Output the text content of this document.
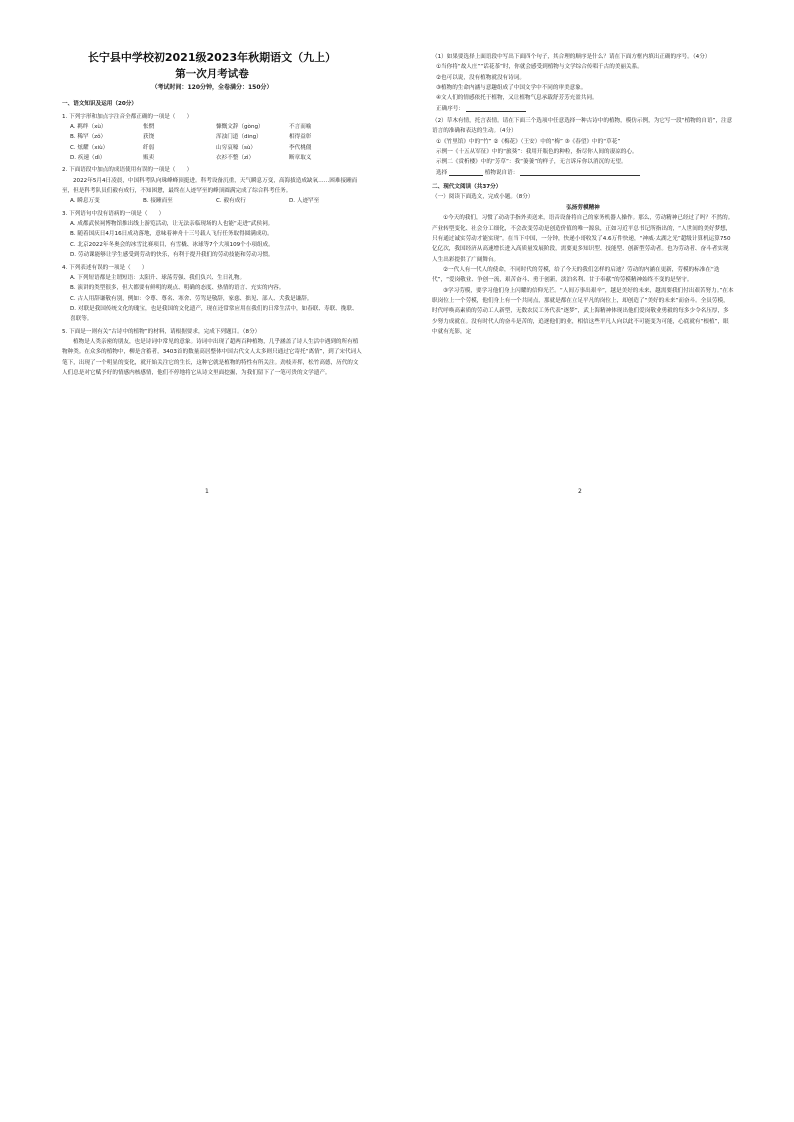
长宁县中学校初2021级2023年秋期语文（九上）
第一次月考试卷
（考试时间：120分钟，全卷满分：150分）
一、语文知识及运用（20分）
1. 下列字形和加点字注音全都正确的一项是（　　）
A. 羁绊（xù）	怅惘	慷慨文辞（gòng）	不言而喻
B. 稀罕（zǒ）	获饶	浑浊门道（ding）	相得益彰
C. 炫耀（xiù）	纤弱	山穷哀嚎（sù）	李代桃僵
D. 疾速（dì）	贩卖	衣衫不整（zì）	断章取义
2. 下面语段中加点的成语使用有误的一项是（　　）
2022年5月4日凌晨，中国科考队向珠峰峰顶挺进。科考设备沉重，天气瞬息万变，高海拔造成缺氧……困难接踵而至，但是科考队员们毅有成行，不知困惫，最终在人迹罕至的峰顶圆满完成了综合科考任务。
A. 瞬息万变	B. 接踵而至	C. 毅有成行	D. 人迹罕至
3. 下列语句中没有语病的一项是（　　）
A. 成都武侯祠博物馆推出线上游览活动，让无法亲临现场的人也能“走进”武侯祠。
B. 随着国庆日4月16日成功落地，意味着神舟十三号载人飞行任务取得圆满成功。
C. 北京2022年冬奥会的冰雪比赛项目，有雪橇、冰球等7个大项109个小项组成。
D. 劳动课能够让学生感受到劳动的快乐，有利于提升我们的劳动技能和劳动习惯。
4. 下列表述有误的一项是（　　）
A. 下列短语都是主谓短语：太阳升、球荡劳强、我们负兴、生日礼物。
B. 演讲的类型很多，但大都要有鲜明的观点、明确的态度、热情的语言、充实的内容。
C. 古人用辞谦敬有别，例如：令尊、尊名、寒舍、劳驾是敬辞，家慈、拙见、部人、犬我是谦辞。
D. 对联是我国传统文化的瑰宝，也是我国的文化遗产，现在还常常应用在我们的日常生活中，如春联、寿联、挽联、喜联等。
5. 下面是一则有关“古诗中的植物”的材料，请根据要求，完成下列题目。（8分）
植物是人类亲密的朋友，也是诗词中常见的意象。诗词中出现了超两百种植物，几乎涵盖了诗人生活中遇到的所有植物种类。在众多的植物中，柳是含蓄者，3403首的数量高居整体中国古代文人太多则只通过它寄托“离情”，到了宋代词人笔下，出现了一个明显的变化，就开始关注它的生长，这种它就是植物的特性有所关注。劲枝弄挥，松竹高德，历代的文人们总是对它赋予好的情感内核感情，他们不停地将它从诗文里面挖掘，为我们留下了一笔可贵的文学遗产。
1
（1）如果要选择上面语段中写出下面四个句子，其合理的顺序是什么？请在下面方框内填出正确的序号。（4分）
①当你将“故人庄”“话花茶”时，你就会感受到植物与文学综合传唱千古的美丽关系。
②也可以说，没有植物就没有诗词。
③植物的生命内涵与意趣组成了中国文学中不同的审美意象。
④文人们的情感依托于植物，又让植物气息承载舒芳芳充盈共同。
正确序号：
（2）草木有情，托言表情。请在下面三个选项中任意选择一种古诗中的植物，模仿示例，为它写一段“植物的自语”，注意语言的准确和表达的生动。（4分）
①《竹里馆》中的“竹” ②《梅花》（王安）中的“梅” ③《春望》中的“草花”
示例一《十五从军征》中的“旅葵”：我用开瓶色的种粒，指尽你人间的凄凉的心。
示例二《赏析楼》中的“芳草”：我“萋萋”的样子，无言诉斥你以消沉的无望。
选择	植物说自语：
二、现代文阅读（共37分）
（一）阅读下面选文，完成小题。（8分）
弘扬劳模精神
①今天的我们，习惯了动动手指外卖送来，语音设备将自己的家务机器人操作。那么，劳动精神已经过了吗？不然的。产业转型变化、社会分工细化，不会改变劳动是创造价值的唯一源泉，正如习近平总书记所指出的，“人世间的美好梦想，只有通过诚实劳动才能实现”。在当下中国，一分钟，快递小哥收发了4.6万件快递，“神威·太湖之光”超级计算机运算750亿亿次，我国经济从高速增长进入高质量发展阶段，需要更多知识型、技能型、创新型劳动者。也为劳动者、奋斗者实现人生出彩提供了广阔舞台。
②一代人有一代人的使命，不同时代的劳模，给了今天的我们怎样的启迪？劳动的内涵在更新，劳模的标准在“迭代”，“爱岗敬业、争创一流，艰苦奋斗、勇于创新，淡泊名利、甘于奉献”的劳模精神始终不变的是坚守。
③学习劳模，要学习他们身上闪耀的信仰光芒。“人间万事出艰辛”，越是美好的未来，越需要我们付出艰苦努力。”在本职岗位上一个劳模，他们身上有一个共同点，那就是都在立足平凡的岗位上，却创造了“美好的未来”而奋斗。全员劳模，时代呼唤高素质的劳动工人新型，无数农民工务代表“逐梦”，武上海精神体现出他们爱岗敬业勇毅的每多少令名压厚，多少努力成就在。没有时代人的奋斗是苦的，追逐他们的业，相信这些平凡人向以此不可能变为可能，心底就有“根植”，眼中就有光影，定
2
